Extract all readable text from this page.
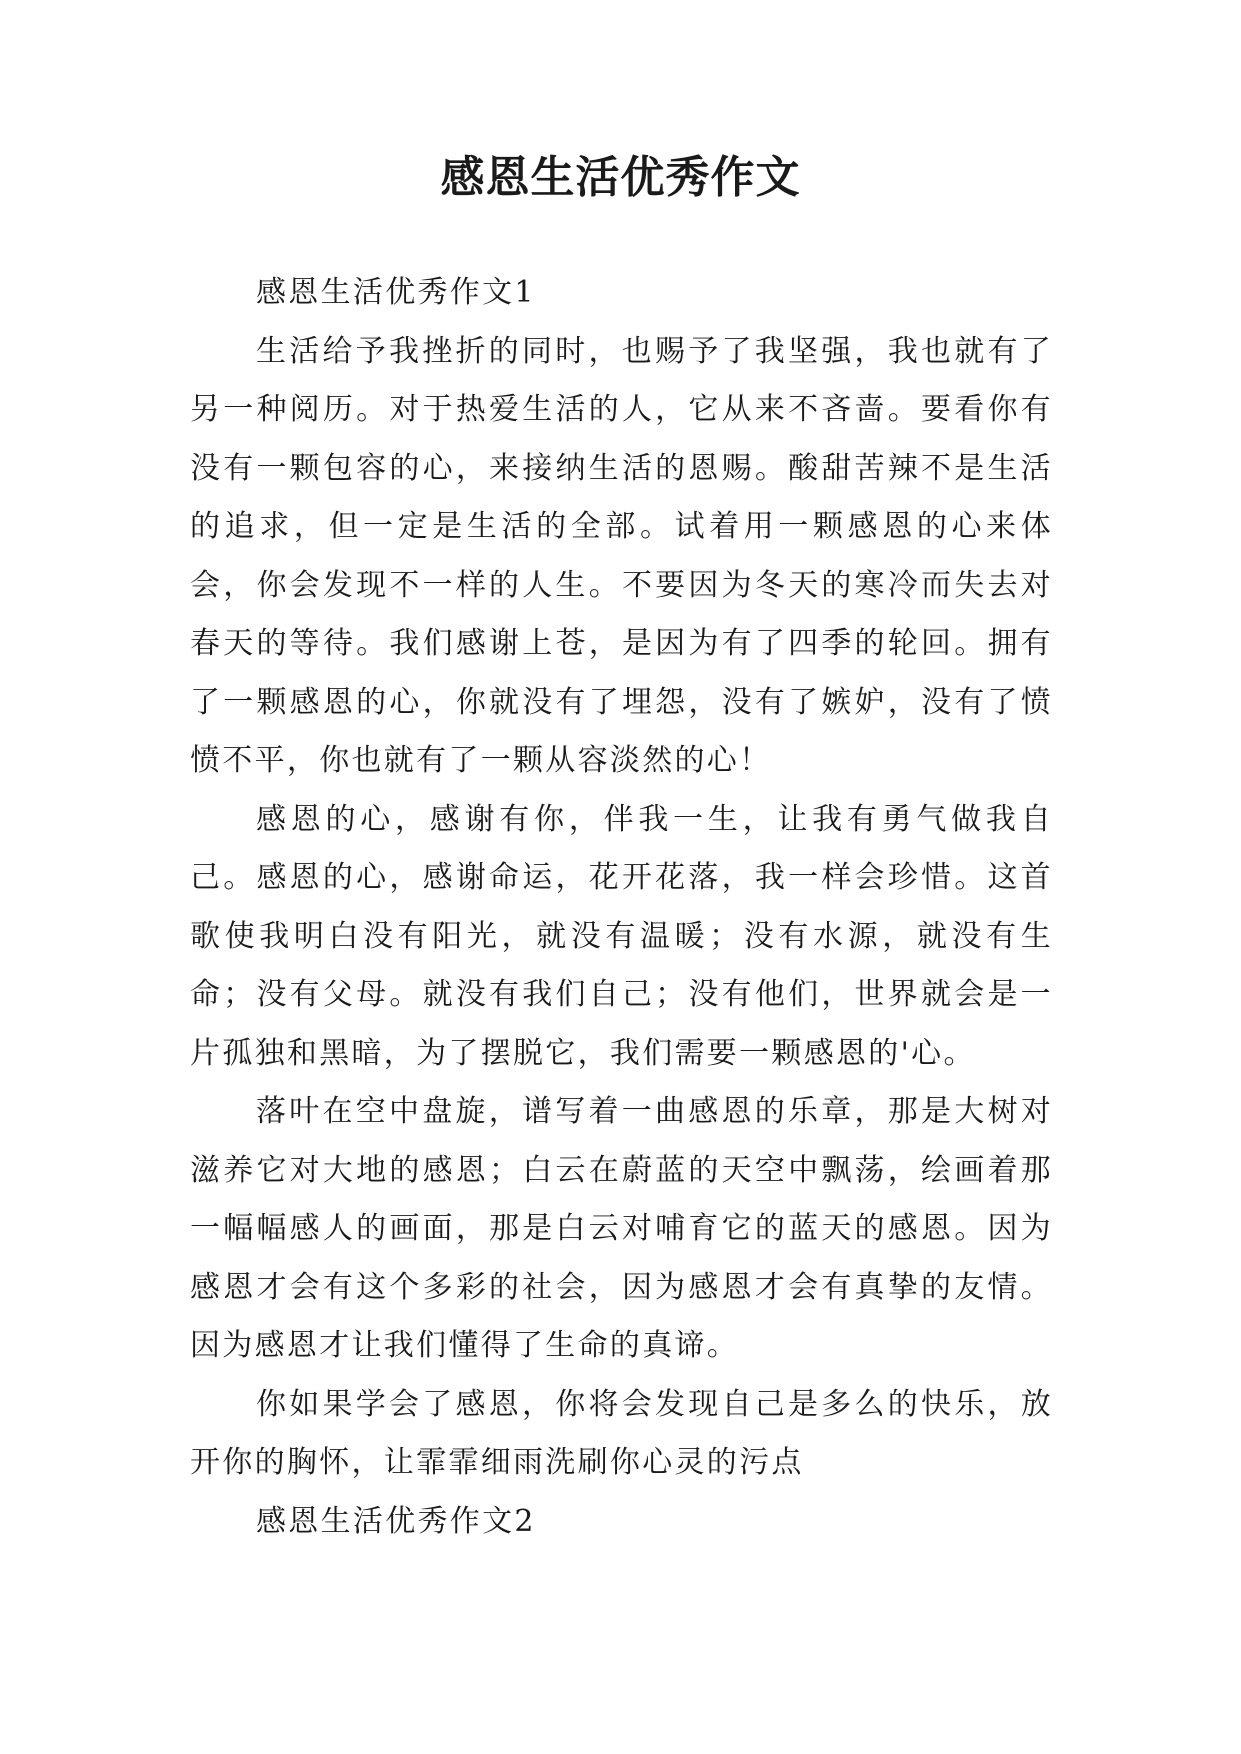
感恩生活优秀作文

感恩生活优秀作文1

生活给予我挫折的同时，也赐予了我坚强，我也就有了另一种阅历。对于热爱生活的人，它从来不吝啬。要看你有没有一颗包容的心，来接纳生活的恩赐。酸甜苦辣不是生活的追求，但一定是生活的全部。试着用一颗感恩的心来体会，你会发现不一样的人生。不要因为冬天的寒冷而失去对春天的等待。我们感谢上苍，是因为有了四季的轮回。拥有了一颗感恩的心，你就没有了埋怨，没有了嫉妒，没有了愤愤不平，你也就有了一颗从容淡然的心！

感恩的心，感谢有你，伴我一生，让我有勇气做我自己。感恩的心，感谢命运，花开花落，我一样会珍惜。这首歌使我明白没有阳光，就没有温暖；没有水源，就没有生命；没有父母。就没有我们自己；没有他们，世界就会是一片孤独和黑暗，为了摆脱它，我们需要一颗感恩的'心。

落叶在空中盘旋，谱写着一曲感恩的乐章，那是大树对滋养它对大地的感恩；白云在蔚蓝的天空中飘荡，绘画着那一幅幅感人的画面，那是白云对哺育它的蓝天的感恩。因为感恩才会有这个多彩的社会，因为感恩才会有真挚的友情。因为感恩才让我们懂得了生命的真谛。

你如果学会了感恩，你将会发现自己是多么的快乐，放开你的胸怀，让霏霏细雨洗刷你心灵的污点

感恩生活优秀作文2
